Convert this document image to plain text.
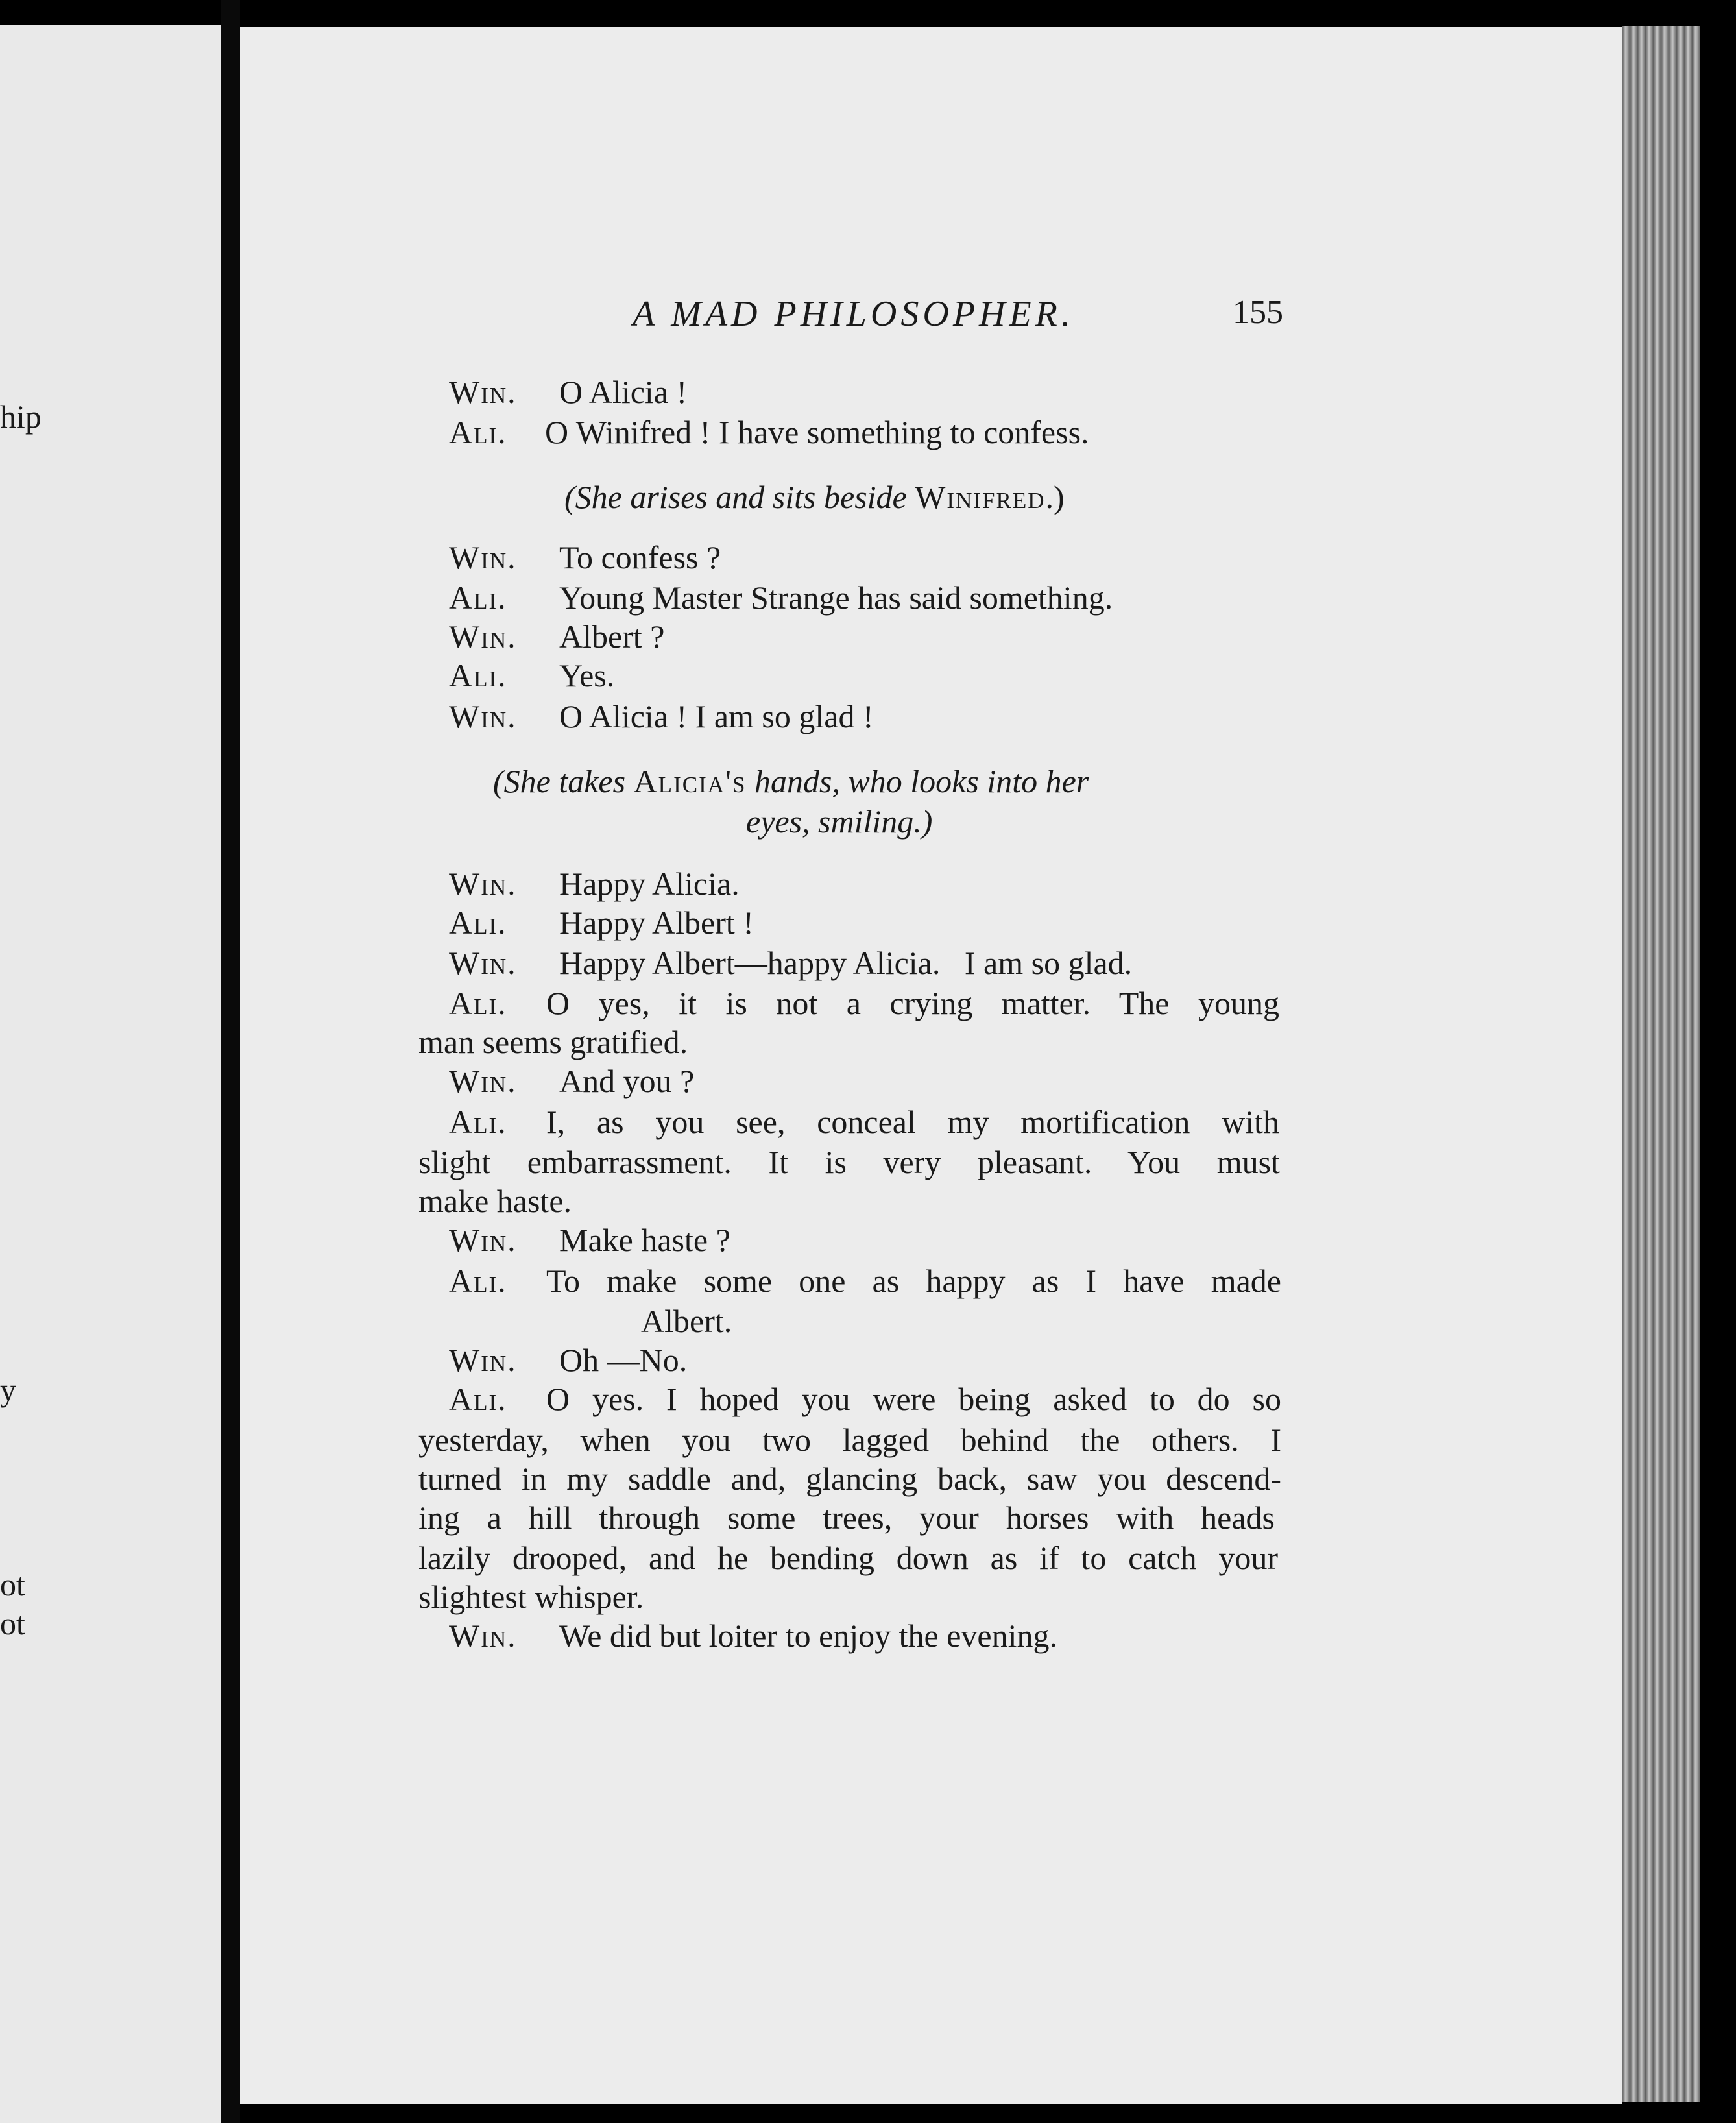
hip
y
ot
ot
A MAD PHILOSOPHER.	155
Win. O Alicia !
Ali. O Winifred ! I have something to confess.
(She arises and sits beside Winifred.)
Win. To confess ?
Ali. Young Master Strange has said something.
Win. Albert ?
Ali. Yes.
Win. O Alicia ! I am so glad !
(She takes Alicia's hands, who looks into her
eyes, smiling.)
Win. Happy Alicia.
Ali. Happy Albert !
Win. Happy Albert—happy Alicia.   I am so glad.
Ali. O yes, it is not a crying matter. The young
man seems gratified.
Win. And you ?
Ali. I, as you see, conceal my mortification with
slight embarrassment. It is very pleasant. You must
make haste.
Win. Make haste ?
Ali. To make some one as happy as I have made
Albert.
Win. Oh —No.
Ali. O yes. I hoped you were being asked to do so
yesterday, when you two lagged behind the others. I
turned in my saddle and, glancing back, saw you descend-
ing a hill through some trees, your horses with heads
lazily drooped, and he bending down as if to catch your
slightest whisper.
Win. We did but loiter to enjoy the evening.
